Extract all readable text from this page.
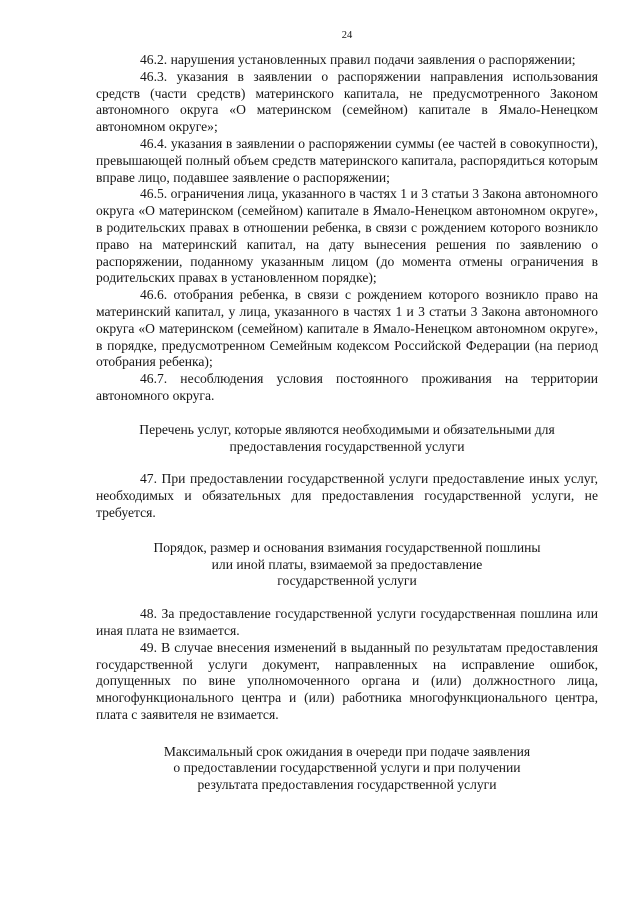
24

46.2. нарушения установленных правил подачи заявления о распоряжении;

46.3. указания в заявлении о распоряжении направления использования средств (части средств) материнского капитала, не предусмотренного Законом автономного округа «О материнском (семейном) капитале в Ямало-Ненецком автономном округе»;

46.4. указания в заявлении о распоряжении суммы (ее частей в совокупности), превышающей полный объем средств материнского капитала, распорядиться которым вправе лицо, подавшее заявление о распоряжении;

46.5. ограничения лица, указанного в частях 1 и 3 статьи 3 Закона автономного округа «О материнском (семейном) капитале в Ямало-Ненецком автономном округе», в родительских правах в отношении ребенка, в связи с рождением которого возникло право на материнский капитал, на дату вынесения решения по заявлению о распоряжении, поданному указанным лицом (до момента отмены ограничения в родительских правах в установленном порядке);

46.6. отобрания ребенка, в связи с рождением которого возникло право на материнский капитал, у лица, указанного в частях 1 и 3 статьи 3 Закона автономного округа «О материнском (семейном) капитале в Ямало-Ненецком автономном округе», в порядке, предусмотренном Семейным кодексом Российской Федерации (на период отобрания ребенка);

46.7. несоблюдения условия постоянного проживания на территории автономного округа.

Перечень услуг, которые являются необходимыми и обязательными для
предоставления государственной услуги

47. При предоставлении государственной услуги предоставление иных услуг, необходимых и обязательных для предоставления государственной услуги, не требуется.

Порядок, размер и основания взимания государственной пошлины
или иной платы, взимаемой за предоставление
государственной услуги

48. За предоставление государственной услуги государственная пошлина или иная плата не взимается.

49. В случае внесения изменений в выданный по результатам предоставления государственной услуги документ, направленных на исправление ошибок, допущенных по вине уполномоченного органа и (или) должностного лица, многофункционального центра и (или) работника многофункционального центра, плата с заявителя не взимается.

Максимальный срок ожидания в очереди при подаче заявления
о предоставлении государственной услуги и при получении
результата предоставления государственной услуги
